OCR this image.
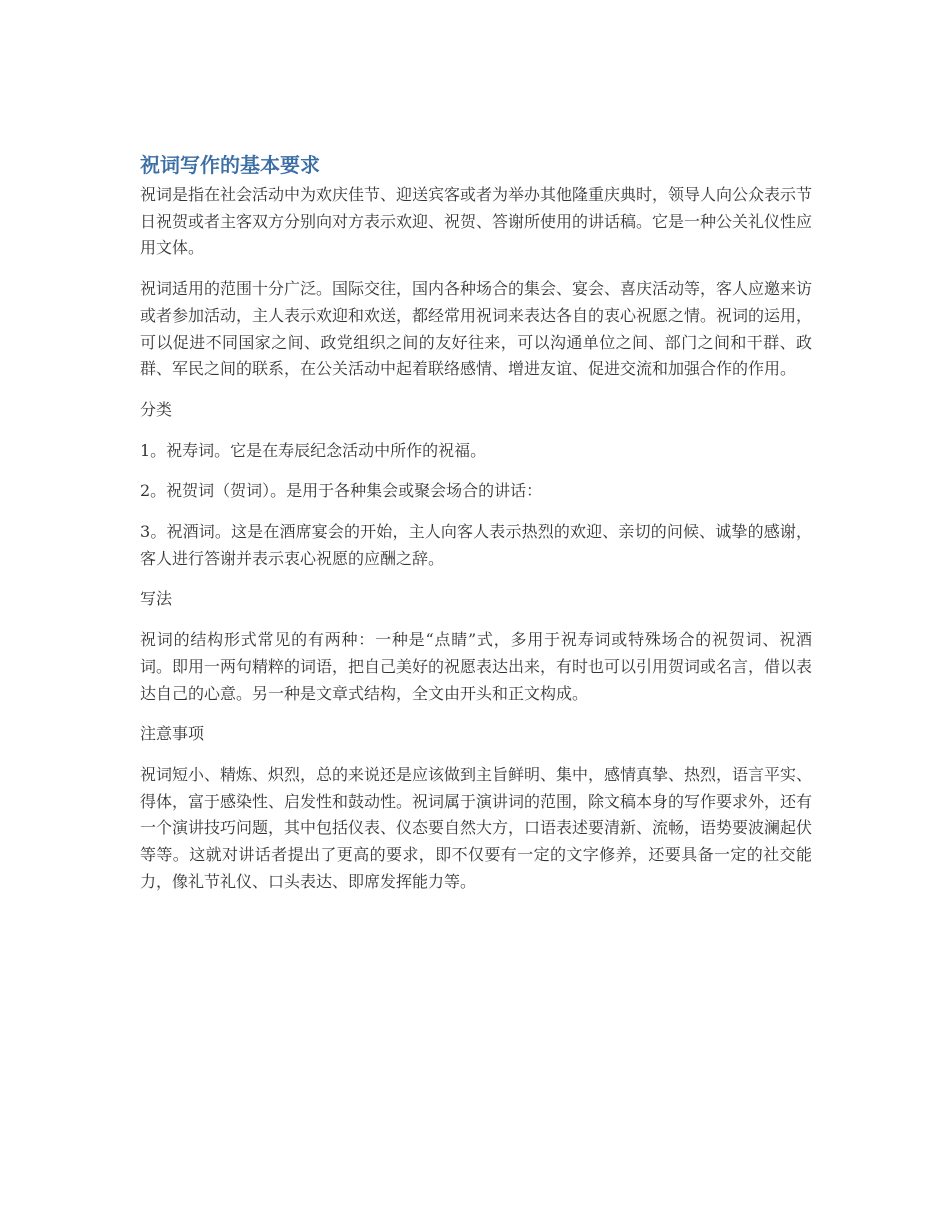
祝词写作的基本要求

祝词是指在社会活动中为欢庆佳节、迎送宾客或者为举办其他隆重庆典时，领导人向公众表示节日祝贺或者主客双方分别向对方表示欢迎、祝贺、答谢所使用的讲话稿。它是一种公关礼仪性应用文体。

祝词适用的范围十分广泛。国际交往，国内各种场合的集会、宴会、喜庆活动等，客人应邀来访或者参加活动，主人表示欢迎和欢送，都经常用祝词来表达各自的衷心祝愿之情。祝词的运用，可以促进不同国家之间、政党组织之间的友好往来，可以沟通单位之间、部门之间和干群、政群、军民之间的联系，在公关活动中起着联络感情、增进友谊、促进交流和加强合作的作用。

分类

1。祝寿词。它是在寿辰纪念活动中所作的祝福。

2。祝贺词（贺词）。是用于各种集会或聚会场合的讲话：

3。祝酒词。这是在酒席宴会的开始，主人向客人表示热烈的欢迎、亲切的问候、诚挚的感谢，客人进行答谢并表示衷心祝愿的应酬之辞。

写法

祝词的结构形式常见的有两种：一种是“点睛”式，多用于祝寿词或特殊场合的祝贺词、祝酒词。即用一两句精粹的词语，把自己美好的祝愿表达出来，有时也可以引用贺词或名言，借以表达自己的心意。另一种是文章式结构，全文由开头和正文构成。

注意事项

祝词短小、精炼、炽烈，总的来说还是应该做到主旨鲜明、集中，感情真挚、热烈，语言平实、得体，富于感染性、启发性和鼓动性。祝词属于演讲词的范围，除文稿本身的写作要求外，还有一个演讲技巧问题，其中包括仪表、仪态要自然大方，口语表述要清新、流畅，语势要波澜起伏等等。这就对讲话者提出了更高的要求，即不仅要有一定的文字修养，还要具备一定的社交能力，像礼节礼仪、口头表达、即席发挥能力等。
